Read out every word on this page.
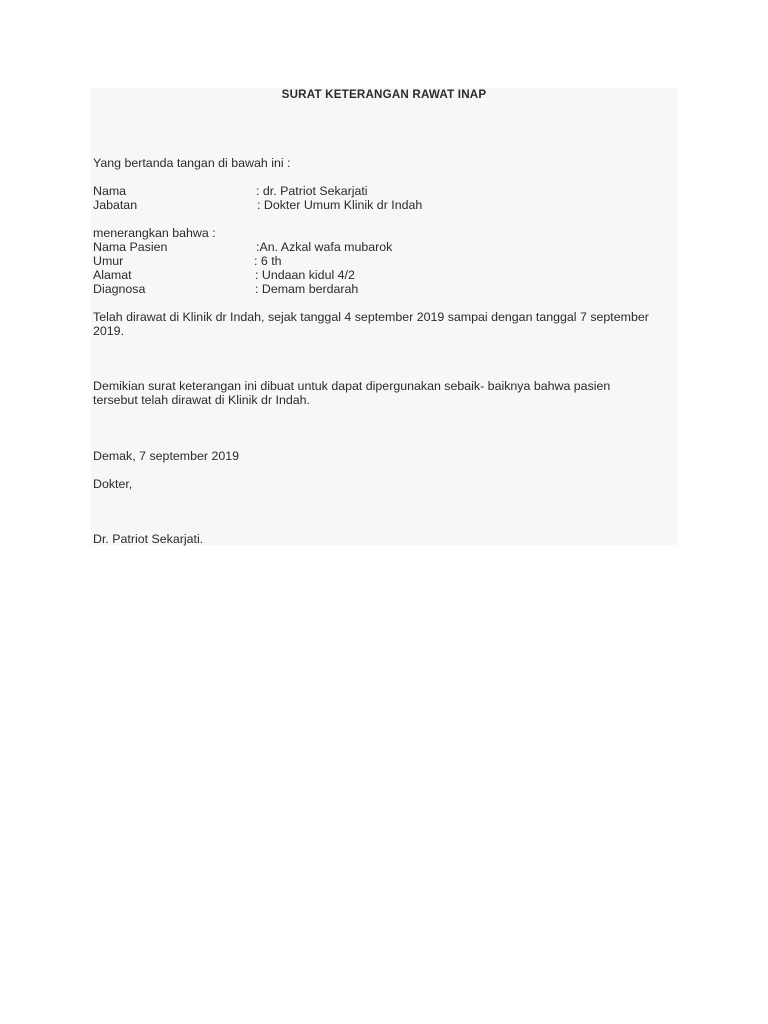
SURAT KETERANGAN RAWAT INAP
Yang bertanda tangan di bawah ini :
Nama	: dr. Patriot Sekarjati
Jabatan	: Dokter Umum Klinik dr Indah
menerangkan bahwa :
Nama Pasien	:An. Azkal wafa mubarok
Umur	: 6 th
Alamat	: Undaan kidul 4/2
Diagnosa	: Demam berdarah
Telah dirawat di Klinik dr Indah, sejak tanggal 4 september 2019 sampai dengan tanggal 7 september 2019.
Demikian surat keterangan ini dibuat untuk dapat dipergunakan sebaik- baiknya bahwa pasien tersebut telah dirawat di Klinik dr Indah.
Demak, 7 september 2019
Dokter,
Dr. Patriot Sekarjati.
